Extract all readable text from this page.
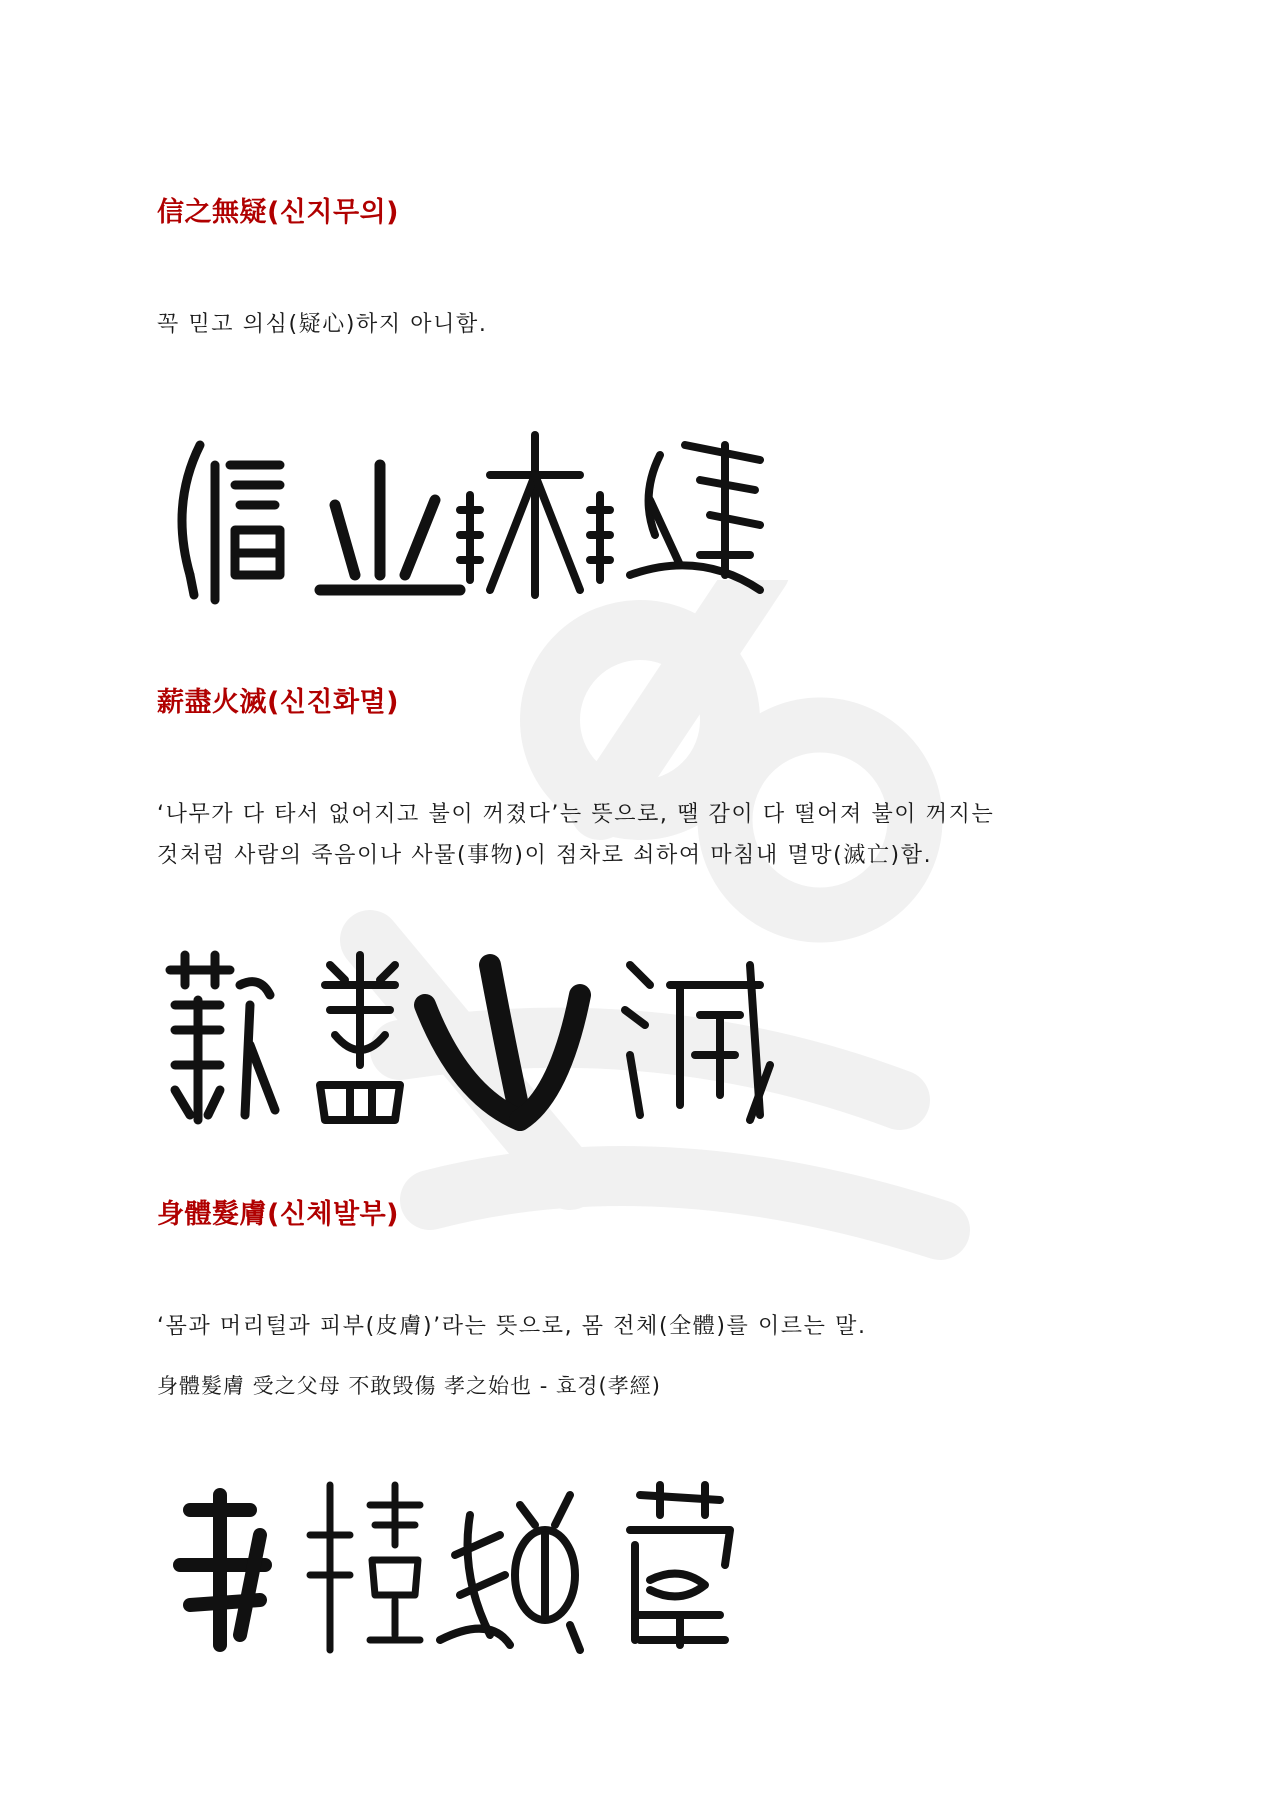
信之無疑(신지무의)

꼭 믿고 의심(疑心)하지 아니함.

薪盡火滅(신진화멸)

‘나무가 다 타서 없어지고 불이 꺼졌다’는 뜻으로, 땔 감이 다 떨어져 불이 꺼지는

것처럼 사람의 죽음이나 사물(事物)이 점차로 쇠하여 마침내 멸망(滅亡)함.

身體髮膚(신체발부)

‘몸과 머리털과 피부(皮膚)’라는 뜻으로, 몸 전체(全體)를 이르는 말.

身體髮膚 受之父母 不敢毁傷 孝之始也 - 효경(孝經)
